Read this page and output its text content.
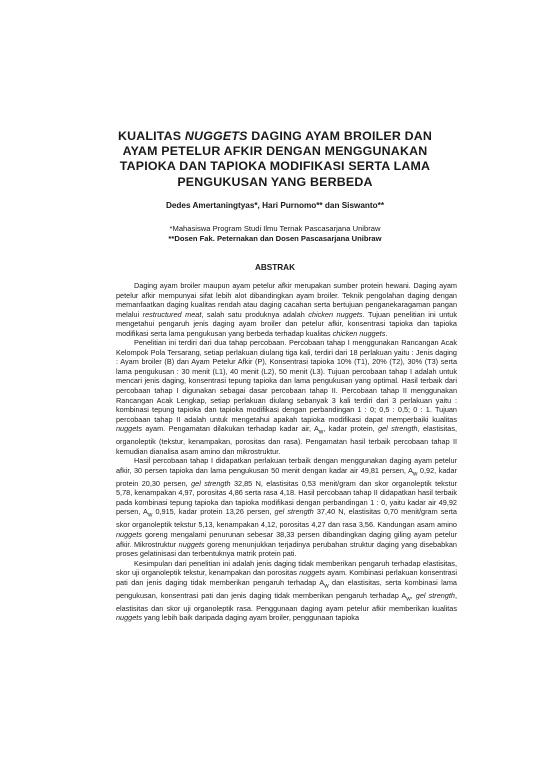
KUALITAS NUGGETS DAGING AYAM BROILER DAN
AYAM PETELUR AFKIR DENGAN MENGGUNAKAN
TAPIOKA DAN TAPIOKA MODIFIKASI SERTA LAMA
PENGUKUSAN YANG BERBEDA
Dedes Amertaningtyas*, Hari Purnomo** dan Siswanto**
*Mahasiswa Program Studi Ilmu Ternak Pascasarjana Unibraw
**Dosen Fak. Peternakan dan Dosen Pascasarjana Unibraw
ABSTRAK

Daging ayam broiler maupun ayam petelur afkir merupakan sumber protein hewani. Daging ayam petelur afkir mempunyai sifat lebih alot dibandingkan ayam broiler. Teknik pengolahan daging dengan memanfaatkan daging kualitas rendah atau daging cacahan serta bertujuan penganekaragaman pangan melalui restructured meat, salah satu produknya adalah chicken nuggets. Tujuan penelitian ini untuk mengetahui pengaruh jenis daging ayam broiler dan petelur afkir, konsentrasi tapioka dan tapioka modifikasi serta lama pengukusan yang berbeda terhadap kualitas chicken nuggets.

Penelitian ini terdiri dari dua tahap percobaan. Percobaan tahap I menggunakan Rancangan Acak Kelompok Pola Tersarang, setiap perlakuan diulang tiga kali, terdiri dari 18 perlakuan yaitu : Jenis daging : Ayam broiler (B) dan Ayam Petelur Afkir (P), Konsentrasi tapioka 10% (T1), 20% (T2), 30% (T3) serta lama pengukusan : 30 menit (L1), 40 menit (L2), 50 menit (L3). Tujuan percobaan tahap I adalah untuk mencari jenis daging, konsentrasi tepung tapioka dan lama pengukusan yang optimal. Hasil terbaik dari percobaan tahap I digunakan sebagai dasar percobaan tahap II. Percobaan tahap II menggunakan Rancangan Acak Lengkap, setiap perlakuan diulang sebanyak 3 kali terdiri dari 3 perlakuan yaitu : kombinasi tepung tapioka dan tapioka modifikasi dengan perbandingan 1 : 0; 0,5 : 0,5; 0 : 1. Tujuan percobaan tahap II adalah untuk mengetahui apakah tapioka modifikasi dapat memperbaiki kualitas nuggets ayam. Pengamatan dilakukan terhadap kadar air, $A_w$, kadar protein, gel strength, elastisitas, organoleptik (tekstur, kenampakan, porositas dan rasa). Pengamatan hasil terbaik percobaan tahap II kemudian dianalisa asam amino dan mikrostruktur.

Hasil percobaan tahap I didapatkan perlakuan terbaik dengan menggunakan daging ayam petelur afkir, 30 persen tapioka dan lama pengukusan 50 menit dengan kadar air 49,81 persen, $A_w$ 0,92, kadar protein 20,30 persen, gel strength 32,85 N, elastisitas 0,53 menit/gram dan skor organoleptik tekstur 5,78, kenampakan 4,97, porositas 4,86 serta rasa 4,18. Hasil percobaan tahap II didapatkan hasil terbaik pada kombinasi tepung tapioka dan tapioka modifikasi dengan perbandingan 1 : 0, yaitu kadar air 49,92 persen, $A_w$ 0,915, kadar protein 13,26 persen, gel strength 37,40 N, elastisitas 0,70 menit/gram serta skor organoleptik tekstur 5,13, kenampakan 4,12, porositas 4,27 dan rasa 3,56. Kandungan asam amino nuggets goreng mengalami penurunan sebesar 38,33 persen dibandingkan daging giling ayam petelur afkir. Mikrostruktur nuggets goreng menunjukkan terjadinya perubahan struktur daging yang disebabkan proses gelatinisasi dan terbentuknya matrik protein pati.

Kesimpulan dari penelitian ini adalah jenis daging tidak memberikan pengaruh terhadap elastisitas, skor uji organoleptik tekstur, kenampakan dan porositas nuggets ayam. Kombinasi perlakuan konsentrasi pati dan jenis daging tidak memberikan pengaruh terhadap $A_w$ dan elastisitas, serta kombinasi lama pengukusan, konsentrasi pati dan jenis daging tidak memberikan pengaruh terhadap $A_w$, gel strength, elastisitas dan skor uji organoleptik rasa. Penggunaan daging ayam petelur afkir memberikan kualitas nuggets yang lebih baik daripada daging ayam broiler, penggunaan tapioka
